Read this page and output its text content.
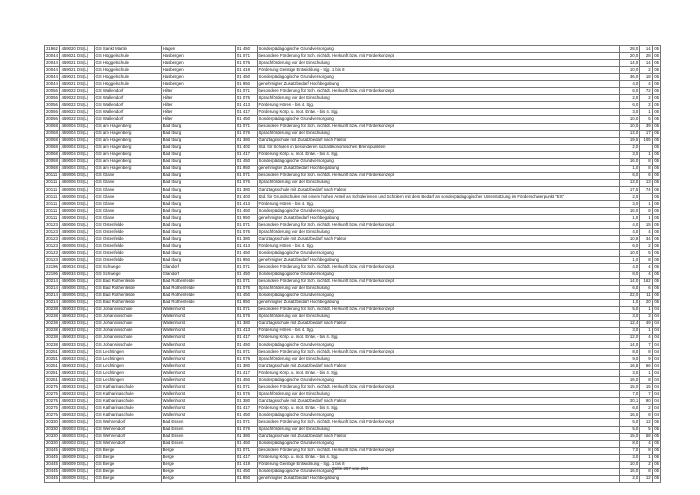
21962	459020 DS(L)	GS Sankt Martin	Hagen	01 450	Sonderpädagogische Grundversorgung	28,0	14	05
20044	459021 DS(L)	GS Hüggelschule	Hasbergen	01 071	besondere Förderung für Sch. nichtdt. Herkunft bzw. mit Förderkonzept	20,0	28	05
20044	459021 DS(L)	GS Hüggelschule	Hasbergen	01 076	Sprachförderung vor der Einschulung	14,0	14	05
20044	459021 DS(L)	GS Hüggelschule	Hasbergen	01 419	Förderung Geistige Entwicklung - Sjg. 1 bis 8	10,0	2	05
20044	459021 DS(L)	GS Hüggelschule	Hasbergen	01 450	Sonderpädagogische Grundversorgung	36,0	18	05
20044	459021 DS(L)	GS Hüggelschule	Hasbergen	01 950	genehmigter Zusatzbedarf Hochbegabung	4,0	4	05
20056	459022 DS(L)	GS Wallendorf	Hilter	01 071	besondere Förderung für Sch. nichtdt. Herkunft bzw. mit Förderkonzept	6,0	72	05
20056	459022 DS(L)	GS Wallendorf	Hilter	01 076	Sprachförderung vor der Einschulung	2,0	2	05
20056	459022 DS(L)	GS Wallendorf	Hilter	01 413	Förderung Hören - bis 4. Sjg.	6,0	2	05
20056	459022 DS(L)	GS Wallendorf	Hilter	01 417	Förderung Körp. u. mot. Entw. - bis 4. Sjg.	3,0	1	05
20056	459022 DS(L)	GS Wallendorf	Hilter	01 450	Sonderpädagogische Grundversorgung	10,0	5	05
20068	459004 DS(L)	GS am Hagenberg	Bad Iburg	01 071	besondere Förderung für Sch. nichtdt. Herkunft bzw. mit Förderkonzept	10,0	39	05
20068	459004 DS(L)	GS am Hagenberg	Bad Iburg	01 076	Sprachförderung vor der Einschulung	13,0	17	05
20068	459004 DS(L)	GS am Hagenberg	Bad Iburg	01 380	Ganztagsschule mit Zusatzbedarf nach Faktor	19,5	105	05
20068	459004 DS(L)	GS am Hagenberg	Bad Iburg	01 402	Std. für Schulen in besonderen sozialökonomischen Brennpunkten	2,0		05
20068	459004 DS(L)	GS am Hagenberg	Bad Iburg	01 417	Förderung Körp. u. mot. Entw. - bis 4. Sjg.	3,0	1	05
20068	459004 DS(L)	GS am Hagenberg	Bad Iburg	01 450	Sonderpädagogische Grundversorgung	16,0	8	05
20068	459004 DS(L)	GS am Hagenberg	Bad Iburg	01 950	genehmigter Zusatzbedarf Hochbegabung	1,0	8	05
20111	459006 DS(L)	GS Glane	Bad Iburg	01 071	besondere Förderung für Sch. nichtdt. Herkunft bzw. mit Förderkonzept	6,0	6	05
20111	459006 DS(L)	GS Glane	Bad Iburg	01 076	Sprachförderung vor der Einschulung	13,0	13	05
20111	459006 DS(L)	GS Glane	Bad Iburg	01 380	Ganztagsschule mit Zusatzbedarf nach Faktor	17,5	74	05
20111	459006 DS(L)	GS Glane	Bad Iburg	01 403	Std. für Grundschulen mit einem hohen Anteil an Schülerinnen und Schülern mit dem Bedarf an sonderpädagogischer Unterstützung im Förderschwerpunkt "ES"	2,0		05
20111	459006 DS(L)	GS Glane	Bad Iburg	01 413	Förderung Hören - bis 4. Sjg.	3,0	1	05
20111	459006 DS(L)	GS Glane	Bad Iburg	01 450	Sonderpädagogische Grundversorgung	16,0	8	05
20111	459006 DS(L)	GS Glane	Bad Iburg	01 950	genehmigter Zusatzbedarf Hochbegabung	1,0	1	05
20123	459006 DS(L)	GS Ostenfelde	Bad Iburg	01 071	besondere Förderung für Sch. nichtdt. Herkunft bzw. mit Förderkonzept	4,0	15	05
20123	459006 DS(L)	GS Ostenfelde	Bad Iburg	01 076	Sprachförderung vor der Einschulung	4,0	4	05
20123	459006 DS(L)	GS Ostenfelde	Bad Iburg	01 380	Ganztagsschule mit Zusatzbedarf nach Faktor	10,8	34	05
20123	459006 DS(L)	GS Ostenfelde	Bad Iburg	01 413	Förderung Hören - bis 4. Sjg.	6,0	2	05
20123	459006 DS(L)	GS Ostenfelde	Bad Iburg	01 450	Sonderpädagogische Grundversorgung	10,0	5	05
20123	459006 DS(L)	GS Ostenfelde	Bad Iburg	01 950	genehmigter Zusatzbedarf Hochbegabung	1,0	8	05
22196	459034 DS(L)	GS Schwege	Glandorf	01 071	besondere Förderung für Sch. nichtdt. Herkunft bzw. mit Förderkonzept	4,0	4	05
22196	459034 DS(L)	GS Schwege	Glandorf	01 450	Sonderpädagogische Grundversorgung	8,0	4	05
20214	459006 DS(L)	GS Bad Rothenfelde	Bad Rothenfelde	01 071	besondere Förderung für Sch. nichtdt. Herkunft bzw. mit Förderkonzept	14,0	162	05
20214	459006 DS(L)	GS Bad Rothenfelde	Bad Rothenfelde	01 076	Sprachförderung vor der Einschulung	6,0	6	05
20214	459006 DS(L)	GS Bad Rothenfelde	Bad Rothenfelde	01 450	Sonderpädagogische Grundversorgung	22,0	11	05
20214	459006 DS(L)	GS Bad Rothenfelde	Bad Rothenfelde	01 950	genehmigter Zusatzbedarf Hochbegabung	1,0	20	05
20238	459033 DS(L)	GS Johannisschule	Wallenhorst	01 071	besondere Förderung für Sch. nichtdt. Herkunft bzw. mit Förderkonzept	5,0	1	04
20238	459033 DS(L)	GS Johannisschule	Wallenhorst	01 076	Sprachförderung vor der Einschulung	3,0	3	04
20238	459033 DS(L)	GS Johannisschule	Wallenhorst	01 380	Ganztagsschule mit Zusatzbedarf nach Faktor	12,4	49	04
20238	459033 DS(L)	GS Johannisschule	Wallenhorst	01 413	Förderung Hören - bis 4. Sjg.	3,0	1	04
20238	459033 DS(L)	GS Johannisschule	Wallenhorst	01 417	Förderung Körp. u. mot. Entw. - bis 4. Sjg.	12,0	4	04
20238	459033 DS(L)	GS Johannisschule	Wallenhorst	01 450	Sonderpädagogische Grundversorgung	14,0	7	04
20251	459033 DS(L)	GS Lechtingen	Wallenhorst	01 071	besondere Förderung für Sch. nichtdt. Herkunft bzw. mit Förderkonzept	8,0	8	04
20251	459033 DS(L)	GS Lechtingen	Wallenhorst	01 076	Sprachförderung vor der Einschulung	9,0	9	04
20251	459033 DS(L)	GS Lechtingen	Wallenhorst	01 380	Ganztagsschule mit Zusatzbedarf nach Faktor	16,8	66	04
20251	459033 DS(L)	GS Lechtingen	Wallenhorst	01 417	Förderung Körp. u. mot. Entw. - bis 4. Sjg.	3,0	1	04
20251	459033 DS(L)	GS Lechtingen	Wallenhorst	01 450	Sonderpädagogische Grundversorgung	16,0	8	04
20275	459033 DS(L)	GS Katharinaschule	Wallenhorst	01 071	besondere Förderung für Sch. nichtdt. Herkunft bzw. mit Förderkonzept	15,0	15	04
20275	459033 DS(L)	GS Katharinaschule	Wallenhorst	01 076	Sprachförderung vor der Einschulung	7,0	7	04
20275	459033 DS(L)	GS Katharinaschule	Wallenhorst	01 380	Ganztagsschule mit Zusatzbedarf nach Faktor	20,1	90	04
20275	459033 DS(L)	GS Katharinaschule	Wallenhorst	01 417	Förderung Körp. u. mot. Entw. - bis 4. Sjg.	6,0	2	04
20275	459033 DS(L)	GS Katharinaschule	Wallenhorst	01 450	Sonderpädagogische Grundversorgung	16,0	8	04
20330	459003 DS(L)	GS Wehrendorf	Bad Essen	01 071	besondere Förderung für Sch. nichtdt. Herkunft bzw. mit Förderkonzept	5,0	12	05
20330	459003 DS(L)	GS Wehrendorf	Bad Essen	01 076	Sprachförderung vor der Einschulung	5,0	5	05
20330	459003 DS(L)	GS Wehrendorf	Bad Essen	01 380	Ganztagsschule mit Zusatzbedarf nach Faktor	15,0	58	05
20330	459003 DS(L)	GS Wehrendorf	Bad Essen	01 450	Sonderpädagogische Grundversorgung	8,0	4	05
20445	459009 DS(L)	GS Berge	Berge	01 071	besondere Förderung für Sch. nichtdt. Herkunft bzw. mit Förderkonzept	7,0	8	05
20445	459009 DS(L)	GS Berge	Berge	01 417	Förderung Körp. u. mot. Entw. - bis 4. Sjg.	3,0	1	06
20445	459009 DS(L)	GS Berge	Berge	01 419	Förderung Geistige Entwicklung - Sjg. 1 bis 8	10,0	2	05
20445	459009 DS(L)	GS Berge	Berge	01 450	Sonderpädagogische Grundversorgung	16,0	8	05
20445	459009 DS(L)	GS Berge	Berge	01 950	genehmigter Zusatzbedarf Hochbegabung	2,0	12	05
Seite 267 von 294
